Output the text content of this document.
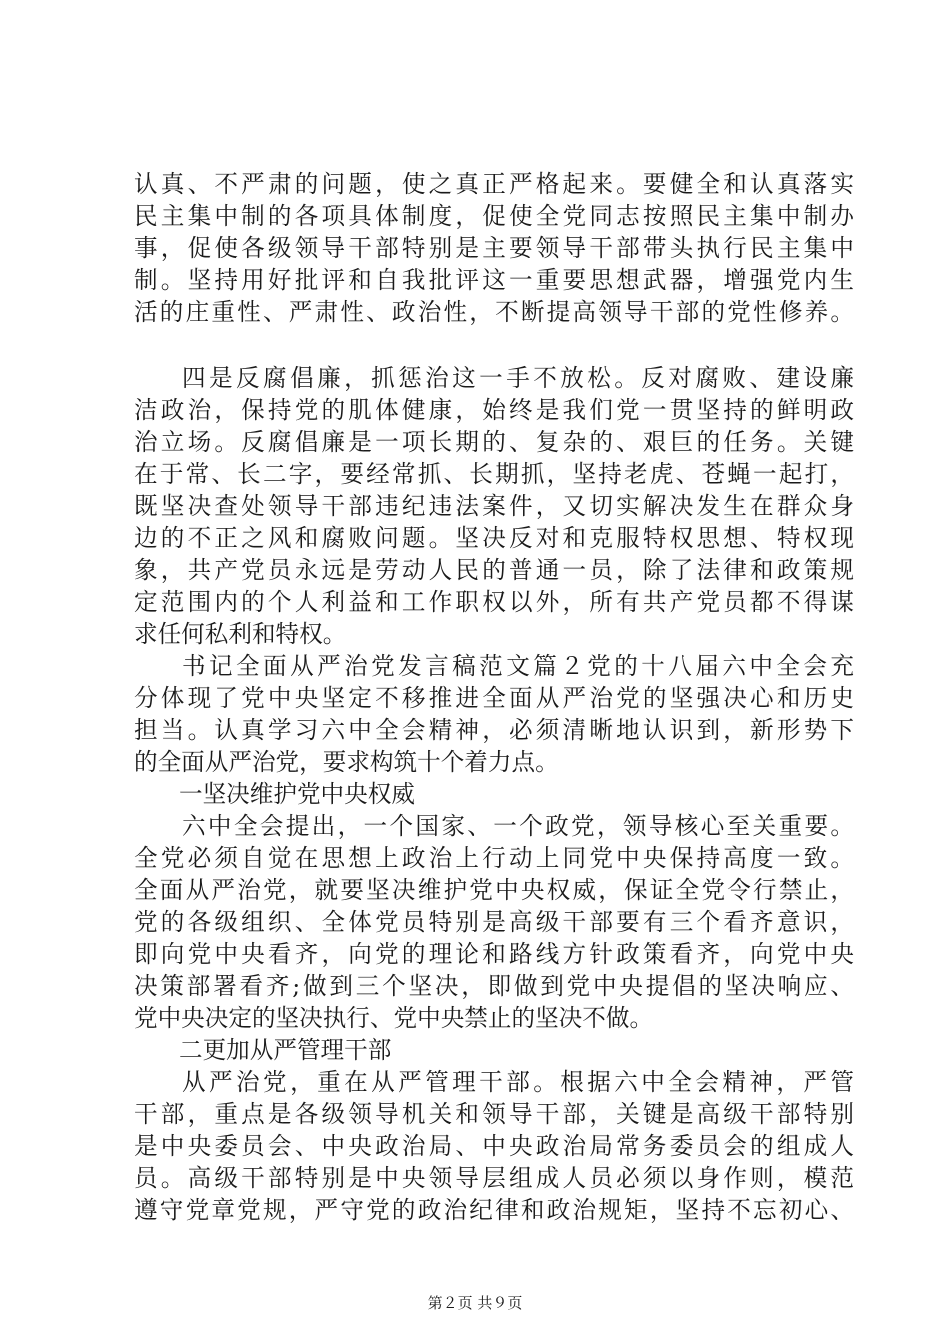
认真、不严肃的问题，使之真正严格起来。要健全和认真落实
民主集中制的各项具体制度，促使全党同志按照民主集中制办
事，促使各级领导干部特别是主要领导干部带头执行民主集中
制。坚持用好批评和自我批评这一重要思想武器，增强党内生
活的庄重性、严肃性、政治性，不断提高领导干部的党性修养。
四是反腐倡廉，抓惩治这一手不放松。反对腐败、建设廉
洁政治，保持党的肌体健康，始终是我们党一贯坚持的鲜明政
治立场。反腐倡廉是一项长期的、复杂的、艰巨的任务。关键
在于常、长二字，要经常抓、长期抓，坚持老虎、苍蝇一起打，
既坚决查处领导干部违纪违法案件，又切实解决发生在群众身
边的不正之风和腐败问题。坚决反对和克服特权思想、特权现
象，共产党员永远是劳动人民的普通一员，除了法律和政策规
定范围内的个人利益和工作职权以外，所有共产党员都不得谋
求任何私利和特权。
书记全面从严治党发言稿范文篇２党的十八届六中全会充
分体现了党中央坚定不移推进全面从严治党的坚强决心和历史
担当。认真学习六中全会精神，必须清晰地认识到，新形势下
的全面从严治党，要求构筑十个着力点。
一坚决维护党中央权威
六中全会提出，一个国家、一个政党，领导核心至关重要。
全党必须自觉在思想上政治上行动上同党中央保持高度一致。
全面从严治党，就要坚决维护党中央权威，保证全党令行禁止，
党的各级组织、全体党员特别是高级干部要有三个看齐意识，
即向党中央看齐，向党的理论和路线方针政策看齐，向党中央
决策部署看齐;做到三个坚决，即做到党中央提倡的坚决响应、
党中央决定的坚决执行、党中央禁止的坚决不做。
二更加从严管理干部
从严治党，重在从严管理干部。根据六中全会精神，严管
干部，重点是各级领导机关和领导干部，关键是高级干部特别
是中央委员会、中央政治局、中央政治局常务委员会的组成人
员。高级干部特别是中央领导层组成人员必须以身作则，模范
遵守党章党规，严守党的政治纪律和政治规矩，坚持不忘初心、
第２页 共９页
